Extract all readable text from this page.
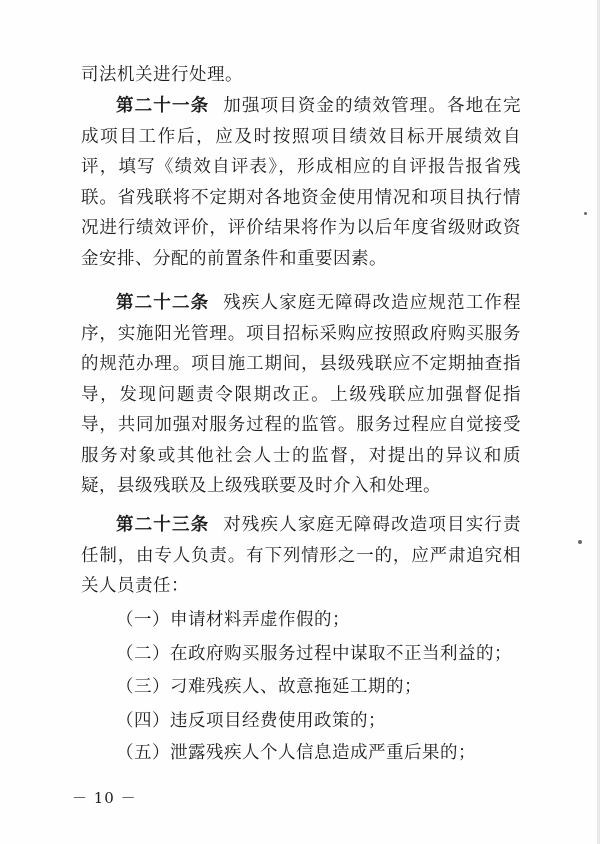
司法机关进行处理。

第二十一条 加强项目资金的绩效管理。各地在完成项目工作后，应及时按照项目绩效目标开展绩效自评，填写《绩效自评表》，形成相应的自评报告报省残联。省残联将不定期对各地资金使用情况和项目执行情况进行绩效评价，评价结果将作为以后年度省级财政资金安排、分配的前置条件和重要因素。

第二十二条 残疾人家庭无障碍改造应规范工作程序，实施阳光管理。项目招标采购应按照政府购买服务的规范办理。项目施工期间，县级残联应不定期抽查指导，发现问题责令限期改正。上级残联应加强督促指导，共同加强对服务过程的监管。服务过程应自觉接受服务对象或其他社会人士的监督，对提出的异议和质疑，县级残联及上级残联要及时介入和处理。

第二十三条 对残疾人家庭无障碍改造项目实行责任制，由专人负责。有下列情形之一的，应严肃追究相关人员责任：

（一）申请材料弄虚作假的；
（二）在政府购买服务过程中谋取不正当利益的；
（三）刁难残疾人、故意拖延工期的；
（四）违反项目经费使用政策的；
（五）泄露残疾人个人信息造成严重后果的；
－ 10 －
